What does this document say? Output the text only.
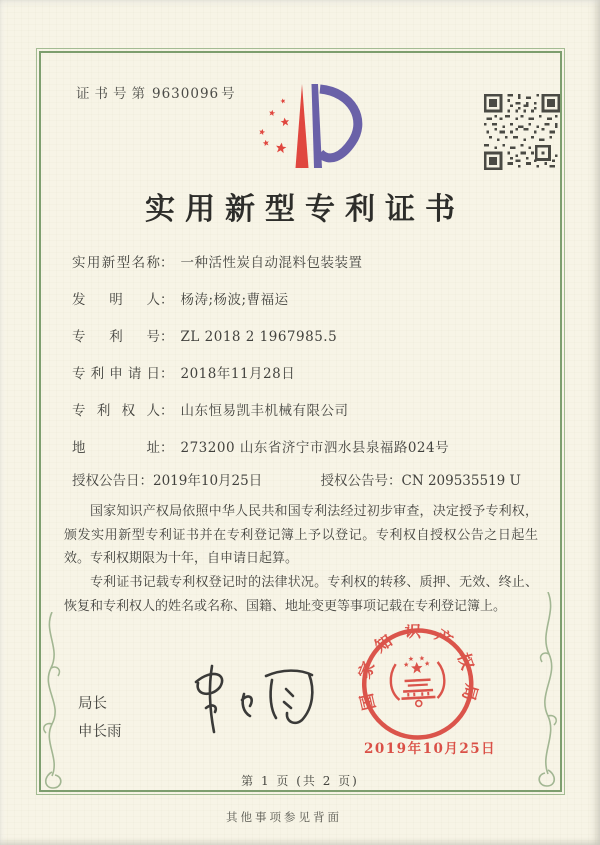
证书号第 9630096 号
实用新型专利证书
实用新型名称： 一种活性炭自动混料包装装置
发明人： 杨涛;杨波;曹福运
专利号： ZL 2018 2 1967985.5
专利申请日： 2018年11月28日
专利权人： 山东恒易凯丰机械有限公司
地址： 273200 山东省济宁市泗水县泉福路024号
授权公告日：2019年10月25日	授权公告号：CN 209535519 U

国家知识产权局依照中华人民共和国专利法经过初步审查，决定授予专利权，颁发实用新型专利证书并在专利登记簿上予以登记。专利权自授权公告之日起生效。专利权期限为十年，自申请日起算。

专利证书记载专利权登记时的法律状况。专利权的转移、质押、无效、终止、恢复和专利权人的姓名或名称、国籍、地址变更等事项记载在专利登记簿上。

局长
申长雨
国家知识产权局
2019年10月25日
第 1 页 (共 2 页)
其他事项参见背面
